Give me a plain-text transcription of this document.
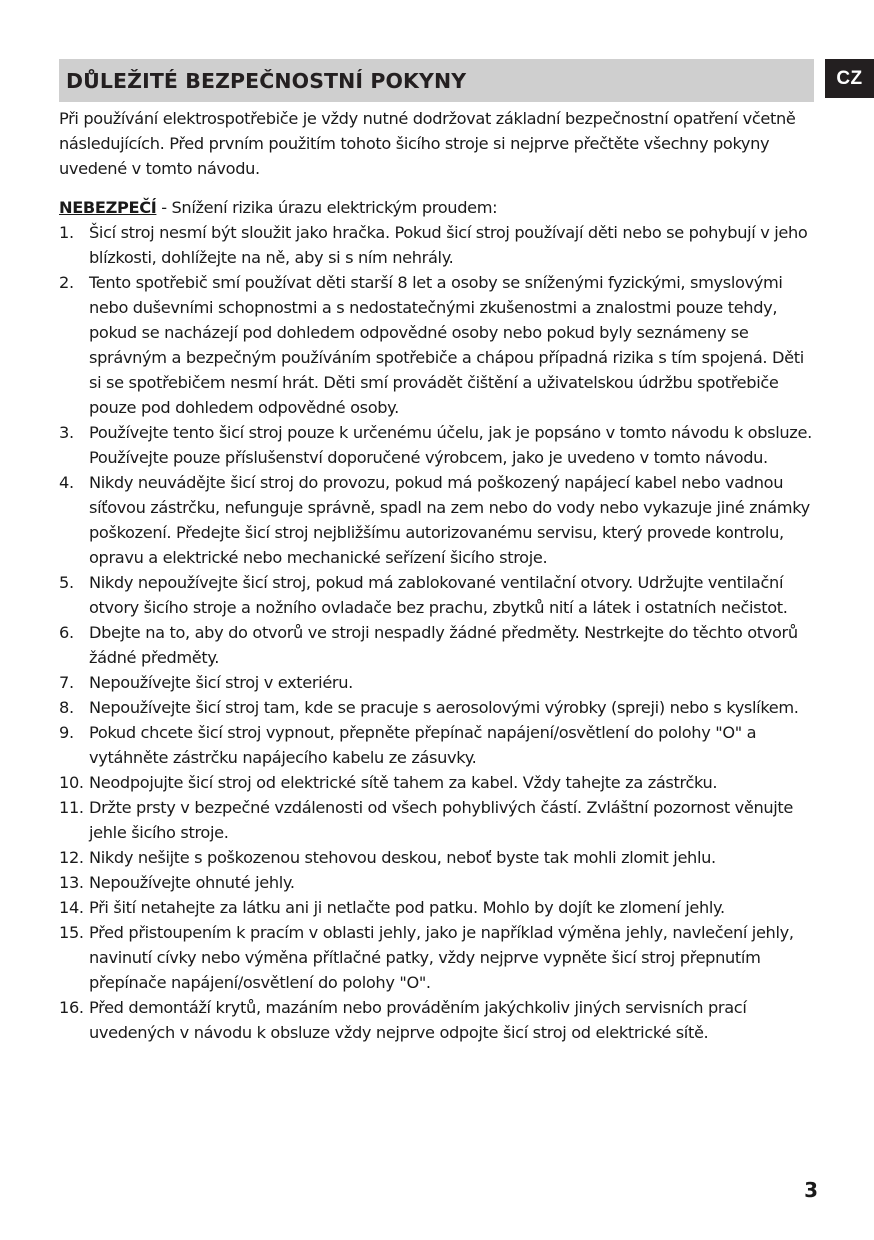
CZ
DŮLEŽITÉ BEZPEČNOSTNÍ POKYNY

Při používání elektrospotřebiče je vždy nutné dodržovat základní bezpečnostní opatření včetně následujících. Před prvním použitím tohoto šicího stroje si nejprve přečtěte všechny pokyny uvedené v tomto návodu.

NEBEZPEČÍ - Snížení rizika úrazu elektrickým proudem:

1. Šicí stroj nesmí být sloužit jako hračka. Pokud šicí stroj používají děti nebo se pohybují v jeho blízkosti, dohlížejte na ně, aby si s ním nehrály.
2. Tento spotřebič smí používat děti starší 8 let a osoby se sníženými fyzickými, smyslovými nebo duševními schopnostmi a s nedostatečnými zkušenostmi a znalostmi pouze tehdy, pokud se nacházejí pod dohledem odpovědné osoby nebo pokud byly seznámeny se správným a bezpečným používáním spotřebiče a chápou případná rizika s tím spojená. Děti si se spotřebičem nesmí hrát. Děti smí provádět čištění a uživatelskou údržbu spotřebiče pouze pod dohledem odpovědné osoby.
3. Používejte tento šicí stroj pouze k určenému účelu, jak je popsáno v tomto návodu k obsluze. Používejte pouze příslušenství doporučené výrobcem, jako je uvedeno v tomto návodu.
4. Nikdy neuvádějte šicí stroj do provozu, pokud má poškozený napájecí kabel nebo vadnou síťovou zástrčku, nefunguje správně, spadl na zem nebo do vody nebo vykazuje jiné známky poškození. Předejte šicí stroj nejbližšímu autorizovanému servisu, který provede kontrolu, opravu a elektrické nebo mechanické seřízení šicího stroje.
5. Nikdy nepoužívejte šicí stroj, pokud má zablokované ventilační otvory. Udržujte ventilační otvory šicího stroje a nožního ovladače bez prachu, zbytků nití a látek i ostatních nečistot.
6. Dbejte na to, aby do otvorů ve stroji nespadly žádné předměty. Nestrkejte do těchto otvorů žádné předměty.
7. Nepoužívejte šicí stroj v exteriéru.
8. Nepoužívejte šicí stroj tam, kde se pracuje s aerosolovými výrobky (spreji) nebo s kyslíkem.
9. Pokud chcete šicí stroj vypnout, přepněte přepínač napájení/osvětlení do polohy "O" a vytáhněte zástrčku napájecího kabelu ze zásuvky.
10. Neodpojujte šicí stroj od elektrické sítě tahem za kabel. Vždy tahejte za zástrčku.
11. Držte prsty v bezpečné vzdálenosti od všech pohyblivých částí. Zvláštní pozornost věnujte jehle šicího stroje.
12. Nikdy nešijte s poškozenou stehovou deskou, neboť byste tak mohli zlomit jehlu.
13. Nepoužívejte ohnuté jehly.
14. Při šití netahejte za látku ani ji netlačte pod patku. Mohlo by dojít ke zlomení jehly.
15. Před přistoupením k pracím v oblasti jehly, jako je například výměna jehly, navlečení jehly, navinutí cívky nebo výměna přítlačné patky, vždy nejprve vypněte šicí stroj přepnutím přepínače napájení/osvětlení do polohy "O".
16. Před demontáží krytů, mazáním nebo prováděním jakýchkoliv jiných servisních prací uvedených v návodu k obsluze vždy nejprve odpojte šicí stroj od elektrické sítě.
3
